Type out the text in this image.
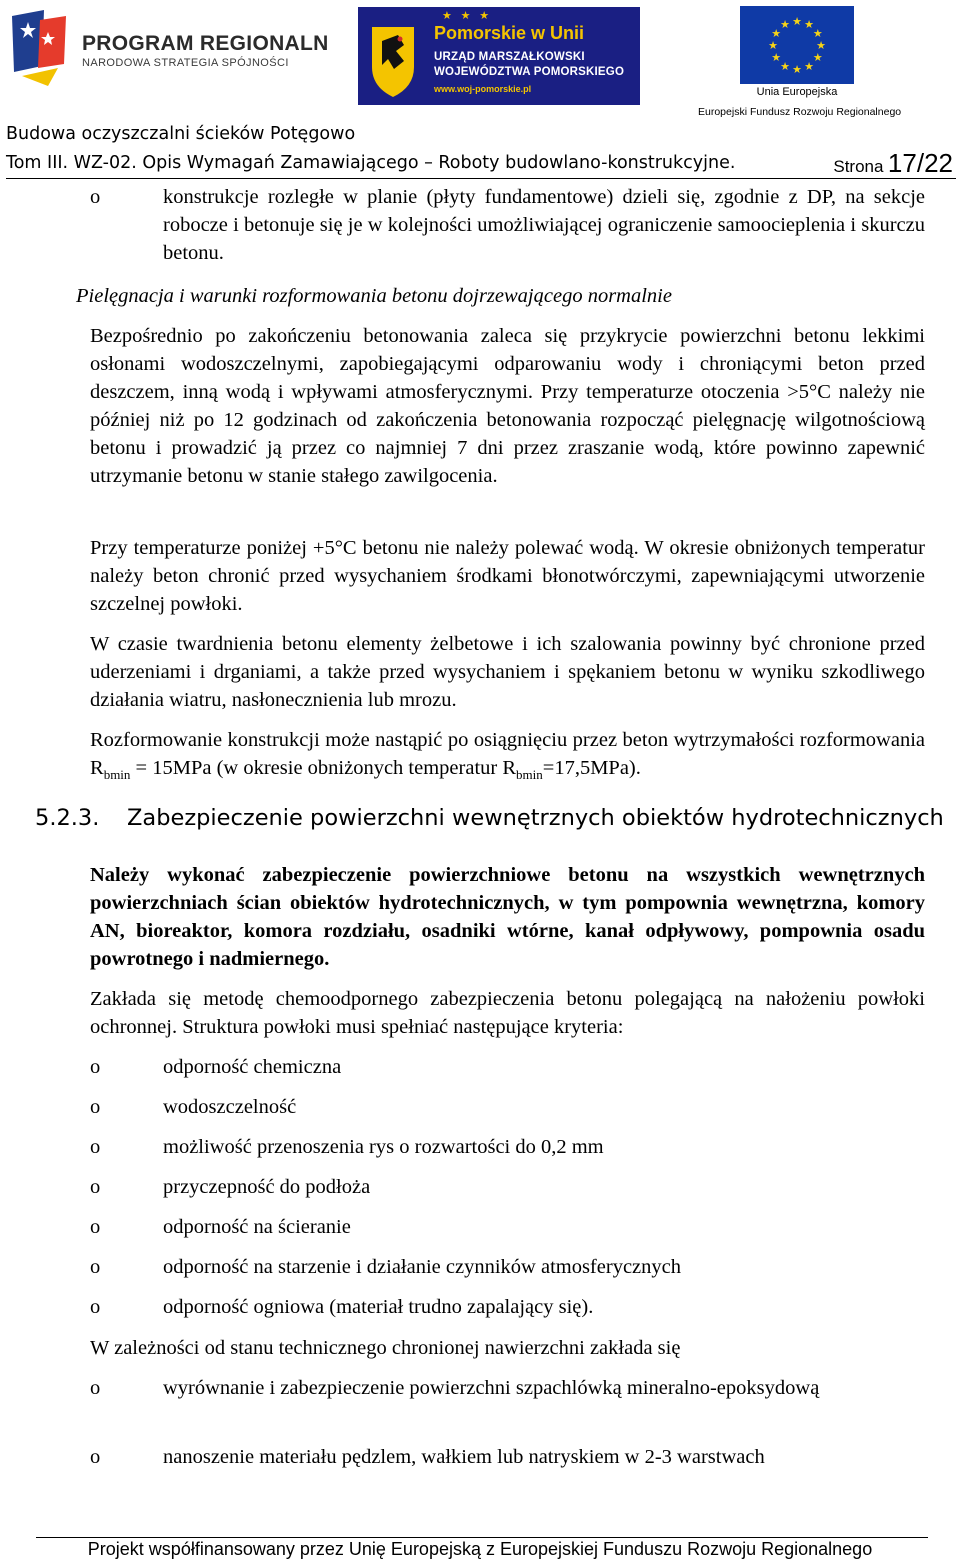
PROGRAM REGIONALNY
NARODOWA STRATEGIA SPÓJNOŚCI
★ ★ ★
Pomorskie w Unii
URZĄD MARSZAŁKOWSKI
WOJEWÓDZTWA POMORSKIEGO
www.woj-pomorskie.pl
★ ★
★
★
★
★
★
★
★
★
★
★
Unia Europejska
Europejski Fundusz Rozwoju Regionalnego
Budowa oczyszczalni ścieków Potęgowo
Tom III. WZ-02. Opis Wymagań Zamawiającego – Roboty budowlano-konstrukcyjne.	Strona 17/22
o	konstrukcje rozległe w planie (płyty fundamentowe) dzieli się, zgodnie z DP, na sekcje robocze i betonuje się je w kolejności umożliwiającej ograniczenie samoocieplenia i skurczu betonu.
Pielęgnacja i warunki rozformowania betonu dojrzewającego normalnie

Bezpośrednio po zakończeniu betonowania zaleca się przykrycie powierzchni betonu lekkimi osłonami wodoszczelnymi, zapobiegającymi odparowaniu wody i chroniącymi beton przed deszczem, inną wodą i wpływami atmosferycznymi. Przy temperaturze otoczenia >5°C należy nie później niż po 12 godzinach od zakończenia betonowania rozpocząć pielęgnację wilgotnościową betonu i prowadzić ją przez co najmniej 7 dni przez zraszanie wodą, które powinno zapewnić utrzymanie betonu w stanie stałego zawilgocenia.

Przy temperaturze poniżej +5°C betonu nie należy polewać wodą. W okresie obniżonych temperatur należy beton chronić przed wysychaniem środkami błonotwórczymi, zapewniającymi utworzenie szczelnej powłoki.

W czasie twardnienia betonu elementy żelbetowe i ich szalowania powinny być chronione przed uderzeniami i drganiami, a także przed wysychaniem i spękaniem betonu w wyniku szkodliwego działania wiatru, nasłonecznienia lub mrozu.

Rozformowanie konstrukcji może nastąpić po osiągnięciu przez beton wytrzymałości rozformowania $R_{bmin} = 15MPa$ (w okresie obniżonych temperatur $R_{bmin}=17,5MPa$).

5.2.3. Zabezpieczenie powierzchni wewnętrznych obiektów hydrotechnicznych

Należy wykonać zabezpieczenie powierzchniowe betonu na wszystkich wewnętrznych powierzchniach ścian obiektów hydrotechnicznych, w tym pompownia wewnętrzna, komory AN, bioreaktor, komora rozdziału, osadniki wtórne, kanał odpływowy, pompownia osadu powrotnego i nadmiernego.

Zakłada się metodę chemoodpornego zabezpieczenia betonu polegającą na nałożeniu powłoki ochronnej. Struktura powłoki musi spełniać następujące kryteria:

o	odporność chemiczna
o	wodoszczelność
o	możliwość przenoszenia rys o rozwartości do 0,2 mm
o	przyczepność do podłoża
o	odporność na ścieranie
o	odporność na starzenie i działanie czynników atmosferycznych
o	odporność ogniowa (materiał trudno zapalający się).
W zależności od stanu technicznego chronionej nawierzchni zakłada się
o	wyrównanie i zabezpieczenie powierzchni szpachlówką mineralno-epoksydową
o	nanoszenie materiału pędzlem, wałkiem lub natryskiem w 2-3 warstwach
Projekt współfinansowany przez Unię Europejską z Europejskiej Funduszu Rozwoju Regionalnego
